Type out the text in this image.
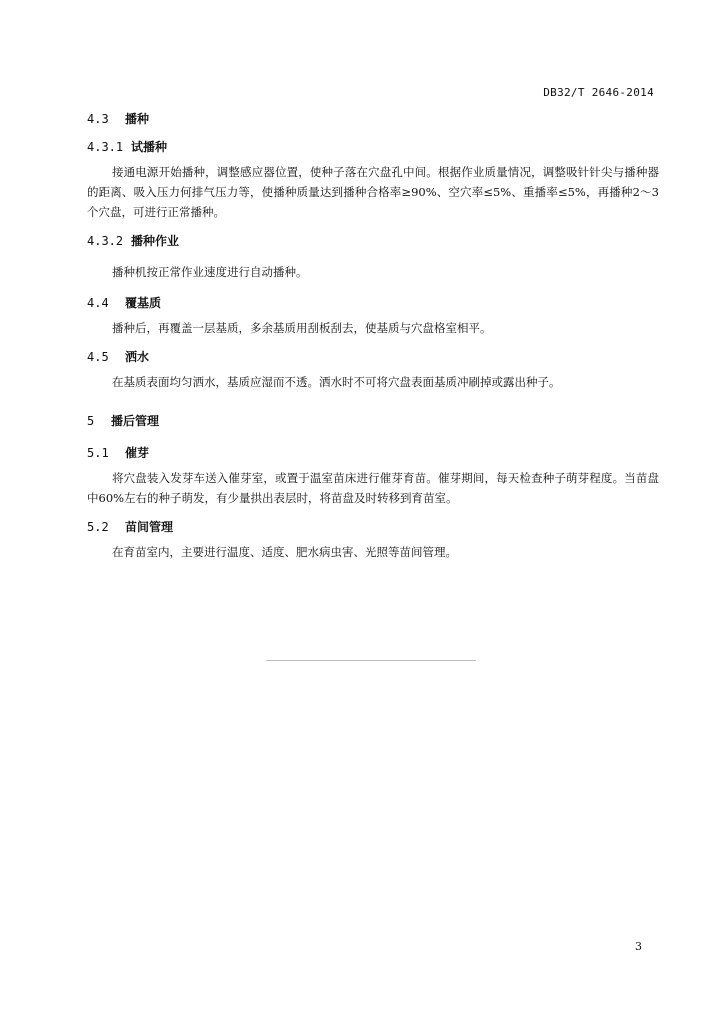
DB32/T 2646-2014

4.3 播种

4.3.1 试播种

接通电源开始播种，调整感应器位置，使种子落在穴盘孔中间。根据作业质量情况，调整吸针针尖与播种器的距离、吸入压力何排气压力等，使播种质量达到播种合格率≥90%、空穴率≤5%、重播率≤5%，再播种2～3个穴盘，可进行正常播种。

4.3.2 播种作业

播种机按正常作业速度进行自动播种。

4.4 覆基质

播种后，再覆盖一层基质，多余基质用刮板刮去，使基质与穴盘格室相平。

4.5 洒水

在基质表面均匀洒水，基质应湿而不透。洒水时不可将穴盘表面基质冲刷掉或露出种子。

5 播后管理

5.1 催芽

将穴盘装入发芽车送入催芽室，或置于温室苗床进行催芽育苗。催芽期间，每天检查种子萌芽程度。当苗盘中60%左右的种子萌发，有少量拱出表层时，将苗盘及时转移到育苗室。

5.2 苗间管理

在育苗室内，主要进行温度、适度、肥水病虫害、光照等苗间管理。

3
